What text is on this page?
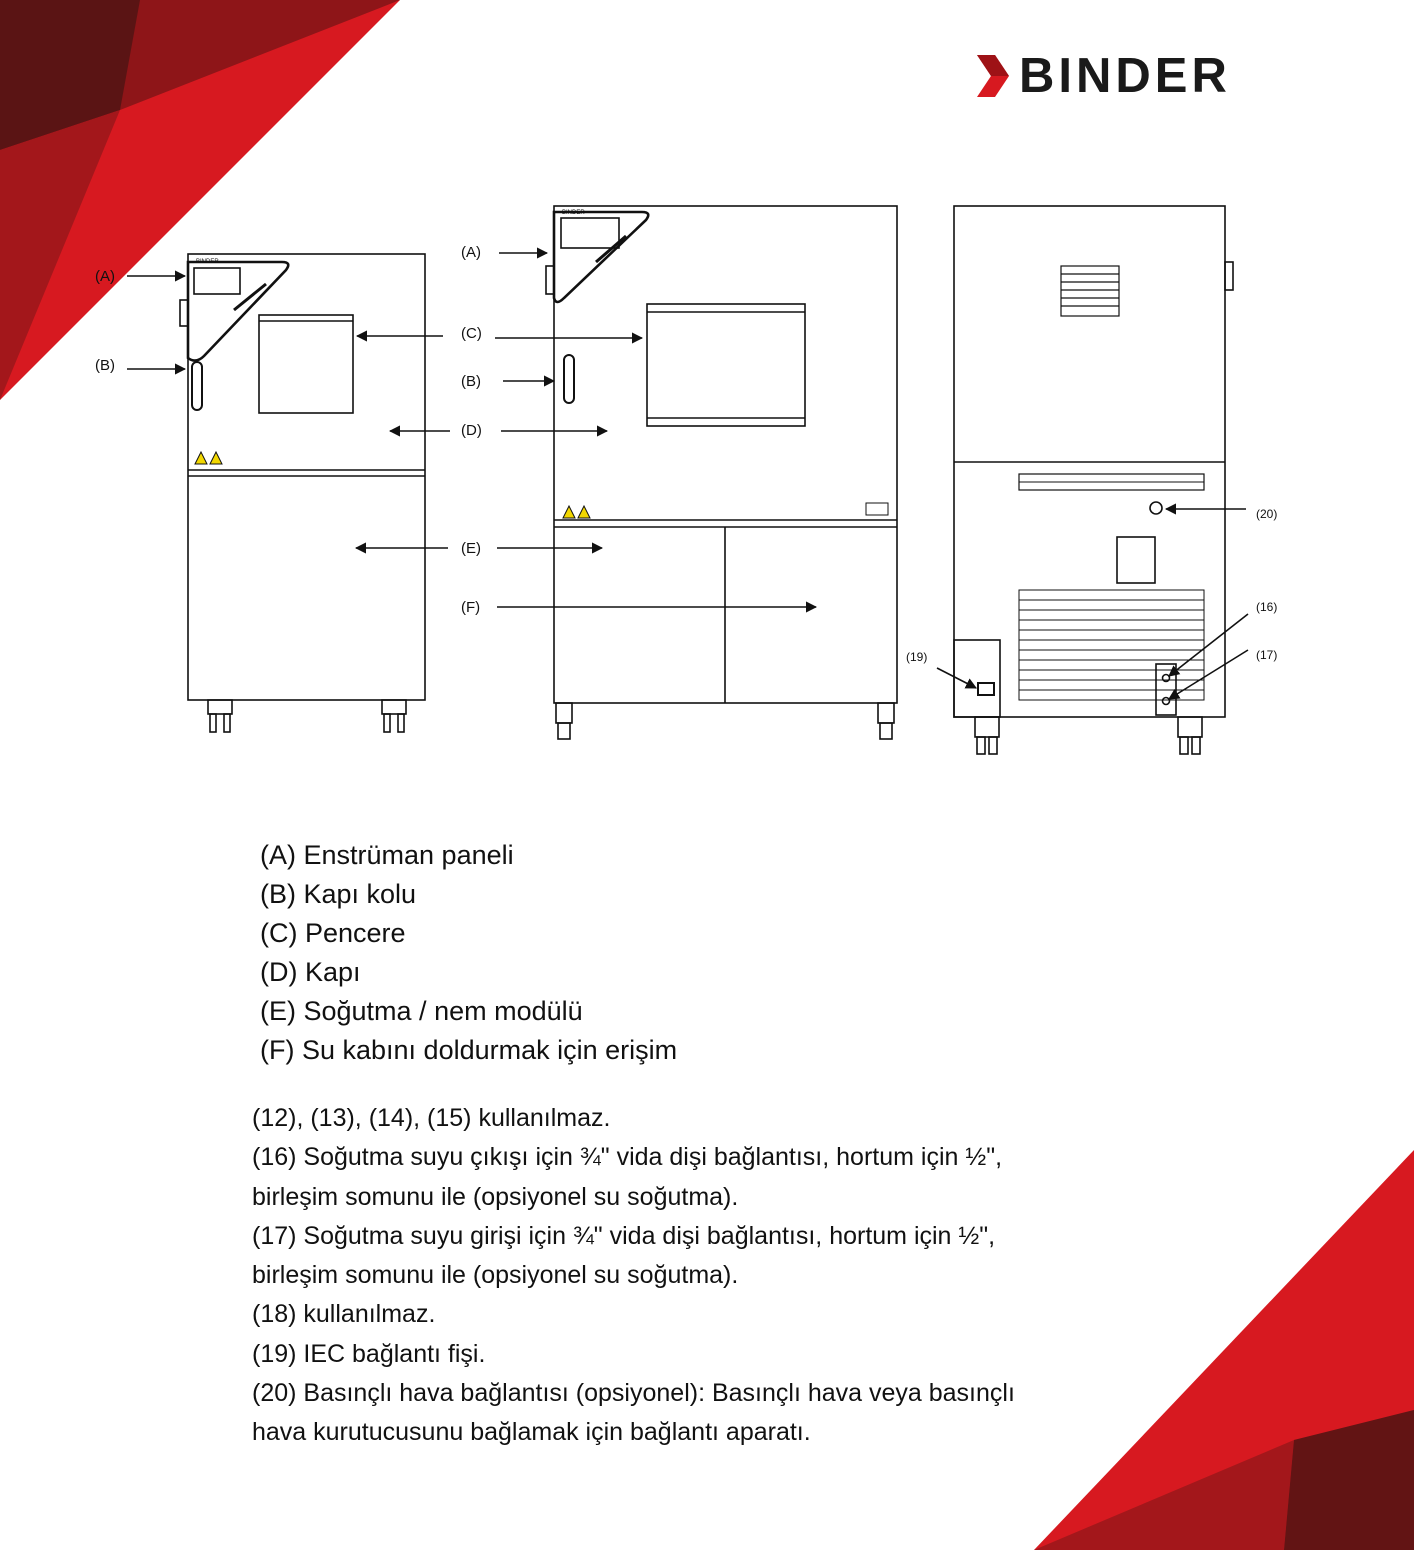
BINDER
BINDER
BINDER
(A)
(B)
(A)
(C)
(B)
(D)
(E)
(F)
(20)
(16)
(17)
(19)
(A) Enstrüman paneli
(B) Kapı kolu
(C) Pencere
(D) Kapı
(E) Soğutma / nem modülü
(F) Su kabını doldurmak için erişim
(12), (13), (14), (15) kullanılmaz.
(16) Soğutma suyu çıkışı için ¾" vida dişi bağlantısı, hortum için ½",
birleşim somunu ile (opsiyonel su soğutma).
(17) Soğutma suyu girişi için ¾" vida dişi bağlantısı, hortum için ½",
birleşim somunu ile (opsiyonel su soğutma).
(18) kullanılmaz.
(19) IEC bağlantı fişi.
(20) Basınçlı hava bağlantısı (opsiyonel): Basınçlı hava veya basınçlı
hava kurutucusunu bağlamak için bağlantı aparatı.
